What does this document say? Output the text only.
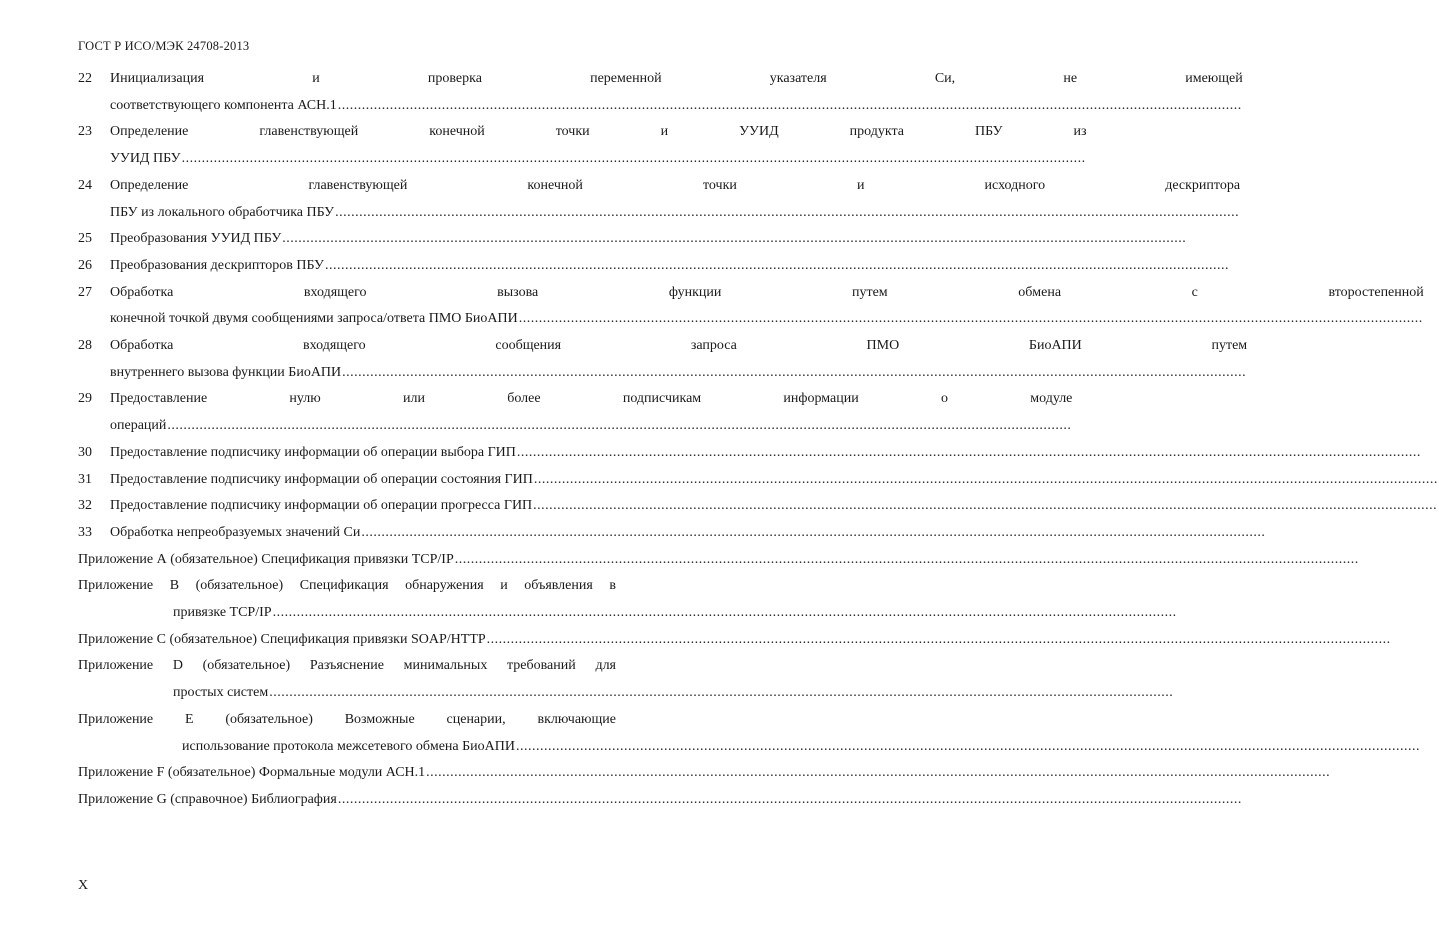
ГОСТ Р ИСО/МЭК 24708-2013
22	Инициализация и проверка переменной указателя Си, не имеющей
соответствующего компонента АСН.1
.....
23	Определение главенствующей конечной точки и УУИД продукта ПБУ из
УУИД ПБУ
.....
24	Определение главенствующей конечной точки и исходного дескриптора
ПБУ из локального обработчика ПБУ
.....
25	Преобразования УУИД ПБУ
.....
26	Преобразования дескрипторов ПБУ
.....
27	Обработка входящего вызова функции путем обмена с второстепенной
конечной точкой двумя сообщениями запроса/ответа ПМО БиоАПИ
.....
28	Обработка входящего сообщения запроса ПМО БиоАПИ путем
внутреннего вызова функции БиоАПИ
.....
29	Предоставление нулю или более подписчикам информации о модуле
операций
.....
30	Предоставление подписчику информации об операции выбора ГИП
.....
31	Предоставление подписчику информации об операции состояния ГИП
.....
32	Предоставление подписчику информации об операции прогресса ГИП
.....
33	Обработка непреобразуемых значений Си
.....
Приложение А (обязательное) Спецификация привязки TCP/IP
.....
Приложение В (обязательное) Спецификация обнаружения и объявления в
привязке TCP/IP
.....
Приложение С (обязательное) Спецификация привязки SOAP/HTTP
.....
Приложение D (обязательное) Разъяснение минимальных требований для
простых систем
.....
Приложение Е (обязательное) Возможные сценарии, включающие
использование протокола межсетевого обмена БиоАПИ
.....
Приложение F (обязательное) Формальные модули АСН.1
.....
Приложение G (справочное) Библиография
.....
X
